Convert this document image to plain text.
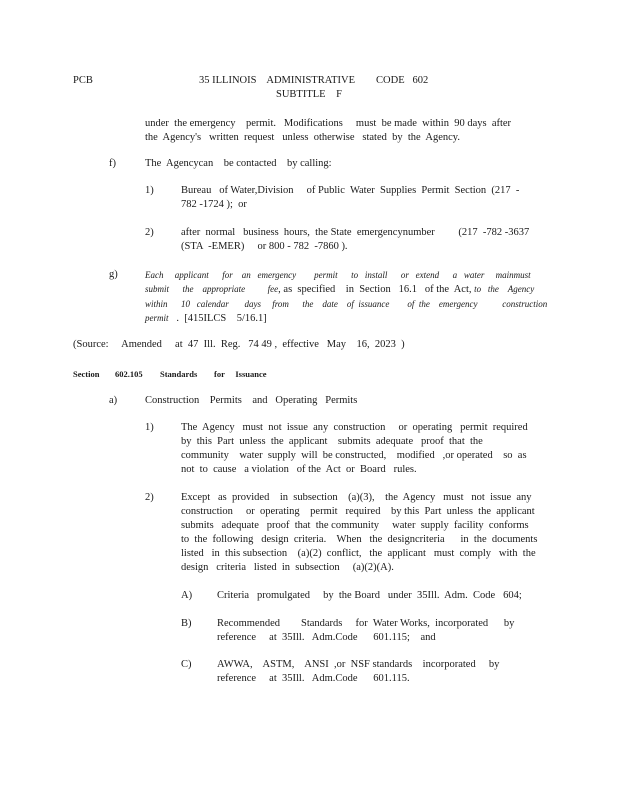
PCB	35 ILLINOIS    ADMINISTRATIVE        CODE   602
SUBTITLE    F
under  the emergency    permit.   Modifications     must  be made  within  90 days  after
the  Agency's   written  request   unless  otherwise   stated  by  the  Agency.
f)	The  Agencycan    be contacted    by calling:
1)	Bureau   of Water,Division     of Public  Water  Supplies  Permit  Section  (217  -
782 -1724 );  or
2)	after  normal   business  hours,  the State  emergencynumber         (217  -782 -3637
(STA  -EMER)     or 800 - 782  -7860 ).
g)	Each     applicant      for    an   emergency        permit      to   install      or   extend      a   water     mainmust
submit      the    appropriate          fee, as  specified    in  Section   16.1   of the  Act, to   the    Agency
within      10   calendar       days     from      the    date    of  issuance        of  the    emergency           construction
permit .  [415ILCS    5/16.1]
(Source:     Amended     at  47  Ill.  Reg.   74 49 ,  effective   May    16,  2023  )
Section 602.105 Standards for     Issuance
a)	Construction    Permits    and   Operating   Permits
1)	The  Agency   must  not  issue  any  construction     or  operating   permit  required
by  this  Part  unless  the  applicant    submits  adequate   proof  that  the
community    water  supply  will  be constructed,    modified   ,or operated    so  as
not  to  cause   a violation   of the  Act  or  Board   rules.
2)	Except   as  provided    in  subsection    (a)(3),    the  Agency   must   not  issue  any
construction     or  operating    permit   required    by this  Part  unless  the  applicant
submits   adequate   proof  that  the community     water  supply  facility  conforms
to  the  following   design  criteria.    When   the  designcriteria      in  the  documents
listed   in  this subsection    (a)(2)  conflict,   the  applicant   must  comply   with  the
design   criteria   listed  in  subsection     (a)(2)(A).
A) Criteria   promulgated     by  the Board   under  35Ill.  Adm.  Code   604;
B) Recommended        Standards     for  Water Works,  incorporated      by
reference     at  35Ill.   Adm.Code      601.115;    and
C) AWWA,    ASTM,    ANSI  ,or  NSF standards    incorporated     by
reference     at  35Ill.   Adm.Code      601.115.
